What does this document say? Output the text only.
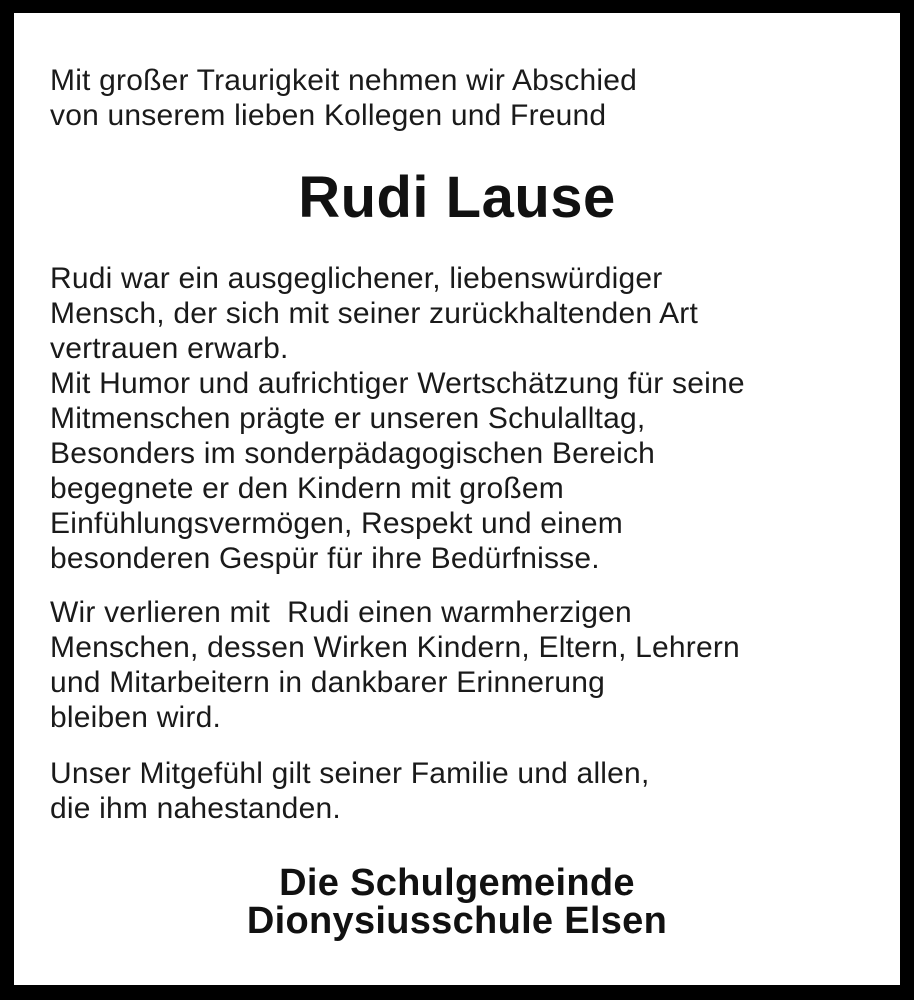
Mit großer Traurigkeit nehmen wir Abschied
von unserem lieben Kollegen und Freund
Rudi Lause
Rudi war ein ausgeglichener, liebenswürdiger
Mensch, der sich mit seiner zurückhaltenden Art
vertrauen erwarb.
Mit Humor und aufrichtiger Wertschätzung für seine
Mitmenschen prägte er unseren Schulalltag,
Besonders im sonderpädagogischen Bereich
begegnete er den Kindern mit großem
Einfühlungsvermögen, Respekt und einem
besonderen Gespür für ihre Bedürfnisse.
Wir verlieren mit  Rudi einen warmherzigen
Menschen, dessen Wirken Kindern, Eltern, Lehrern
und Mitarbeitern in dankbarer Erinnerung
bleiben wird.
Unser Mitgefühl gilt seiner Familie und allen,
die ihm nahestanden.
Die Schulgemeinde
Dionysiusschule Elsen
